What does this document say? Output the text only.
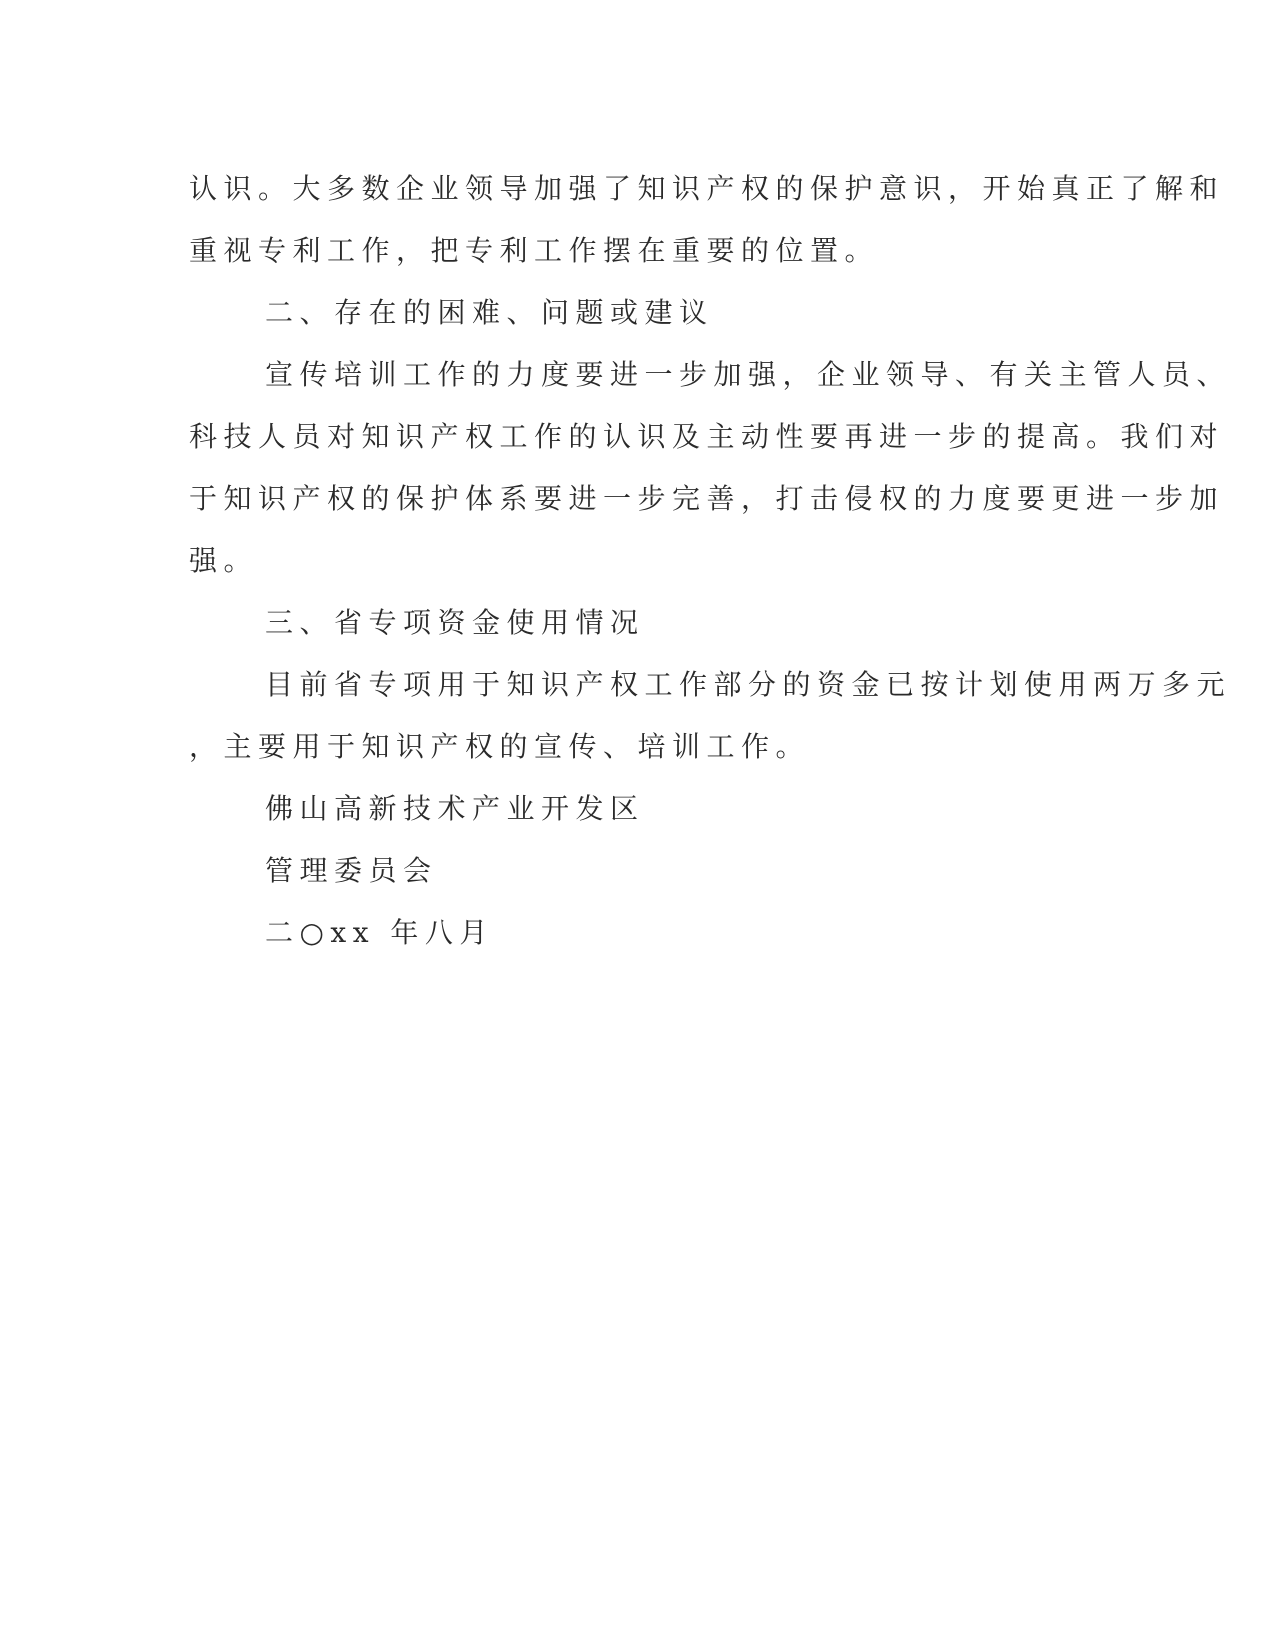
认识。大多数企业领导加强了知识产权的保护意识，开始真正了解和
重视专利工作，把专利工作摆在重要的位置。
二、存在的困难、问题或建议
宣传培训工作的力度要进一步加强，企业领导、有关主管人员、
科技人员对知识产权工作的认识及主动性要再进一步的提高。我们对
于知识产权的保护体系要进一步完善，打击侵权的力度要更进一步加
强。
三、省专项资金使用情况
目前省专项用于知识产权工作部分的资金已按计划使用两万多元
，主要用于知识产权的宣传、培训工作。
佛山高新技术产业开发区
管理委员会
二○xx 年八月
